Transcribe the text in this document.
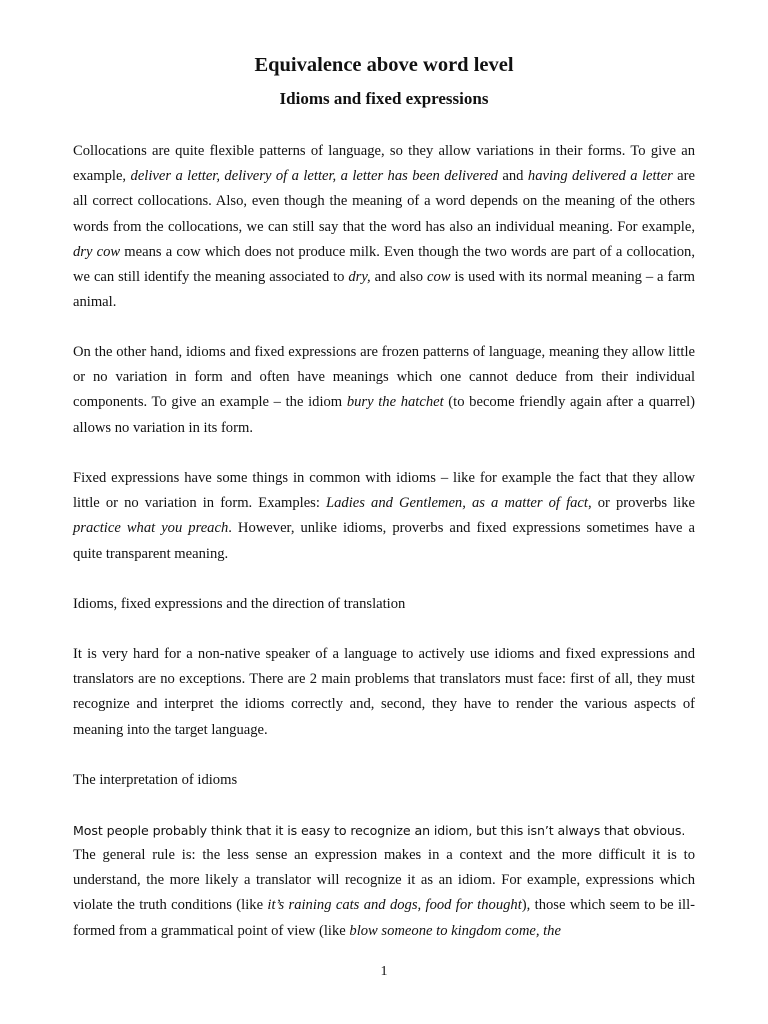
Equivalence above word level
Idioms and fixed expressions

Collocations are quite flexible patterns of language, so they allow variations in their forms. To give an example, deliver a letter, delivery of a letter, a letter has been delivered and having delivered a letter are all correct collocations. Also, even though the meaning of a word depends on the meaning of the others words from the collocations, we can still say that the word has also an individual meaning. For example, dry cow means a cow which does not produce milk. Even though the two words are part of a collocation, we can still identify the meaning associated to dry, and also cow is used with its normal meaning – a farm animal.

On the other hand, idioms and fixed expressions are frozen patterns of language, meaning they allow little or no variation in form and often have meanings which one cannot deduce from their individual components. To give an example – the idiom bury the hatchet (to become friendly again after a quarrel) allows no variation in its form.

Fixed expressions have some things in common with idioms – like for example the fact that they allow little or no variation in form. Examples: Ladies and Gentlemen, as a matter of fact, or proverbs like practice what you preach. However, unlike idioms, proverbs and fixed expressions sometimes have a quite transparent meaning.

Idioms, fixed expressions and the direction of translation

It is very hard for a non-native speaker of a language to actively use idioms and fixed expressions and translators are no exceptions. There are 2 main problems that translators must face: first of all, they must recognize and interpret the idioms correctly and, second, they have to render the various aspects of meaning into the target language.

The interpretation of idioms

Most people probably think that it is easy to recognize an idiom, but this isn’t always that obvious.

The general rule is: the less sense an expression makes in a context and the more difficult it is to understand, the more likely a translator will recognize it as an idiom. For example, expressions which violate the truth conditions (like it’s raining cats and dogs, food for thought), those which seem to be ill-formed from a grammatical point of view (like blow someone to kingdom come, the

1
